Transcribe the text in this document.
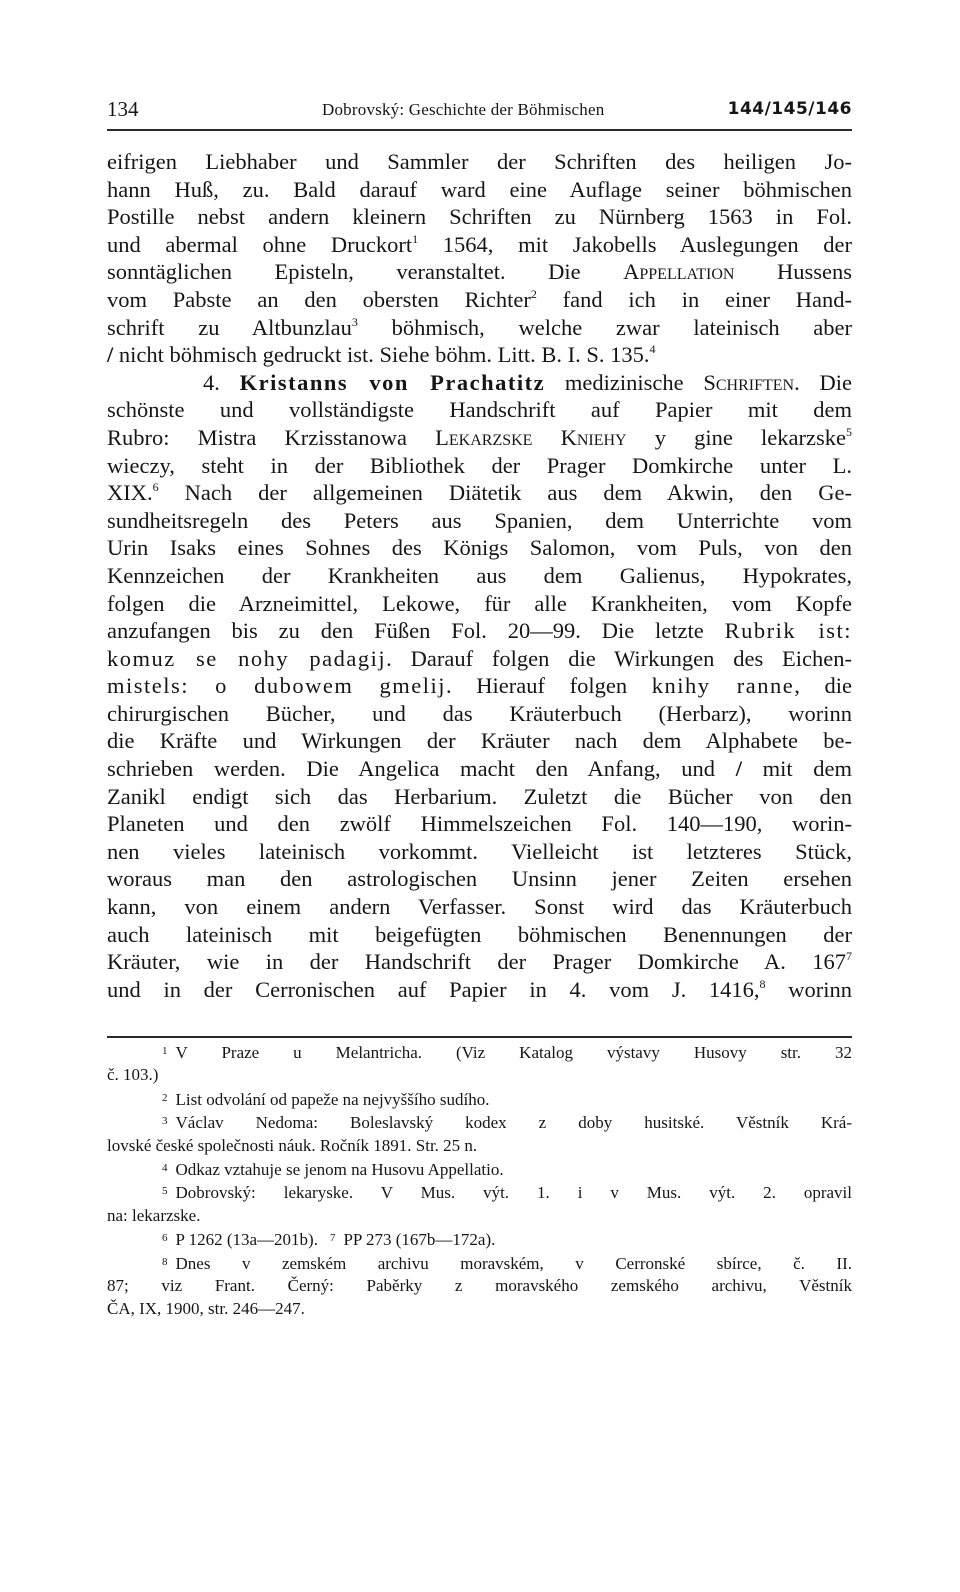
134	Dobrovský: Geschichte der Böhmischen	144/145/146
eifrigen Liebhaber und Sammler der Schriften des heiligen Jo-
hann Huß, zu. Bald darauf ward eine Auflage seiner böhmischen
Postille nebst andern kleinern Schriften zu Nürnberg 1563 in Fol.
und abermal ohne Druckort$^1$ 1564, mit Jakobells Auslegungen der
sonntäglichen Episteln, veranstaltet. Die Appellation Hussens
vom Pabste an den obersten Richter$^2$ fand ich in einer Hand-
schrift zu Altbunzlau$^3$ böhmisch, welche zwar lateinisch aber
/ nicht böhmisch gedruckt ist. Siehe böhm. Litt. B. I. S. 135.$^4$
4. Kristanns von Prachatitz medizinische Schriften. Die
schönste und vollständigste Handschrift auf Papier mit dem
Rubro: Mistra Krzisstanowa Lekarzske Kniehy y gine lekarzske$^5$
wieczy, steht in der Bibliothek der Prager Domkirche unter L.
XIX.$^6$ Nach der allgemeinen Diätetik aus dem Akwin, den Ge-
sundheitsregeln des Peters aus Spanien, dem Unterrichte vom
Urin Isaks eines Sohnes des Königs Salomon, vom Puls, von den
Kennzeichen der Krankheiten aus dem Galienus, Hypokrates,
folgen die Arzneimittel, Lekowe, für alle Krankheiten, vom Kopfe
anzufangen bis zu den Füßen Fol. 20—99. Die letzte Rubrik ist:
komuz se nohy padagij. Darauf folgen die Wirkungen des Eichen-
mistels: o dubowem gmelij. Hierauf folgen knihy ranne, die
chirurgischen Bücher, und das Kräuterbuch (Herbarz), worinn
die Kräfte und Wirkungen der Kräuter nach dem Alphabete be-
schrieben werden. Die Angelica macht den Anfang, und / mit dem
Zanikl endigt sich das Herbarium. Zuletzt die Bücher von den
Planeten und den zwölf Himmelszeichen Fol. 140—190, worin-
nen vieles lateinisch vorkommt. Vielleicht ist letzteres Stück,
woraus man den astrologischen Unsinn jener Zeiten ersehen
kann, von einem andern Verfasser. Sonst wird das Kräuterbuch
auch lateinisch mit beigefügten böhmischen Benennungen der
Kräuter, wie in der Handschrift der Prager Domkirche A. $167^7$
und in der Cerronischen auf Papier in 4. vom J. 1416,$^8$ worinn
$^1$ V Praze u Melantricha. (Viz Katalog výstavy Husovy str. 32
č. 103.)
$^2$ List odvolání od papeže na nejvyššího sudího.
$^3$ Václav Nedoma: Boleslavský kodex z doby husitské. Věstník Krá-
lovské české společnosti náuk. Ročník 1891. Str. 25 n.
$^4$ Odkaz vztahuje se jenom na Husovu Appellatio.
$^5$ Dobrovský: lekaryske. V Mus. výt. 1. i v Mus. výt. 2. opravil
na: lekarzske.
$^6$ P 1262 (13a—201b). $^7$ PP 273 (167b—172a).
$^8$ Dnes v zemském archivu moravském, v Cerronské sbírce, č. II.
87; viz Frant. Černý: Paběrky z moravského zemského archivu, Věstník
ČA, IX, 1900, str. 246—247.
